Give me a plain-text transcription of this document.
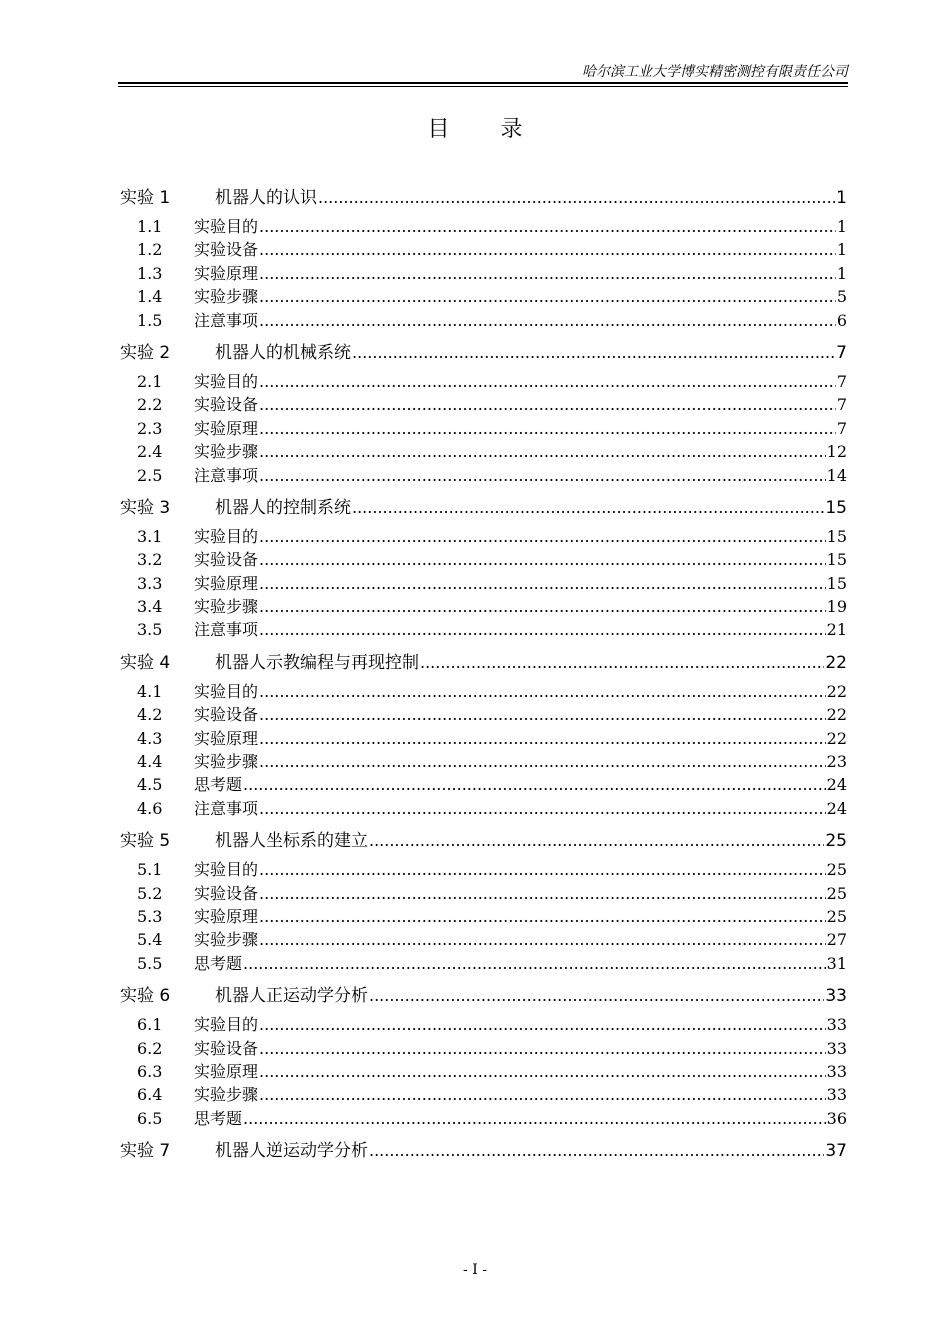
哈尔滨工业大学博实精密测控有限责任公司
目 录
实验 1	机器人的认识 .....	1
1.1	实验目的 .....	1
1.2	实验设备 .....	1
1.3	实验原理 .....	1
1.4	实验步骤 .....	5
1.5	注意事项 .....	6
实验 2	机器人的机械系统 .....	7
2.1	实验目的 .....	7
2.2	实验设备 .....	7
2.3	实验原理 .....	7
2.4	实验步骤 .....	12
2.5	注意事项 .....	14
实验 3	机器人的控制系统 .....	15
3.1	实验目的 .....	15
3.2	实验设备 .....	15
3.3	实验原理 .....	15
3.4	实验步骤 .....	19
3.5	注意事项 .....	21
实验 4	机器人示教编程与再现控制 .....	22
4.1	实验目的 .....	22
4.2	实验设备 .....	22
4.3	实验原理 .....	22
4.4	实验步骤 .....	23
4.5	思考题 .....	24
4.6	注意事项 .....	24
实验 5	机器人坐标系的建立 .....	25
5.1	实验目的 .....	25
5.2	实验设备 .....	25
5.3	实验原理 .....	25
5.4	实验步骤 .....	27
5.5	思考题 .....	31
实验 6	机器人正运动学分析 .....	33
6.1	实验目的 .....	33
6.2	实验设备 .....	33
6.3	实验原理 .....	33
6.4	实验步骤 .....	33
6.5	思考题 .....	36
实验 7	机器人逆运动学分析 .....	37
- I -
